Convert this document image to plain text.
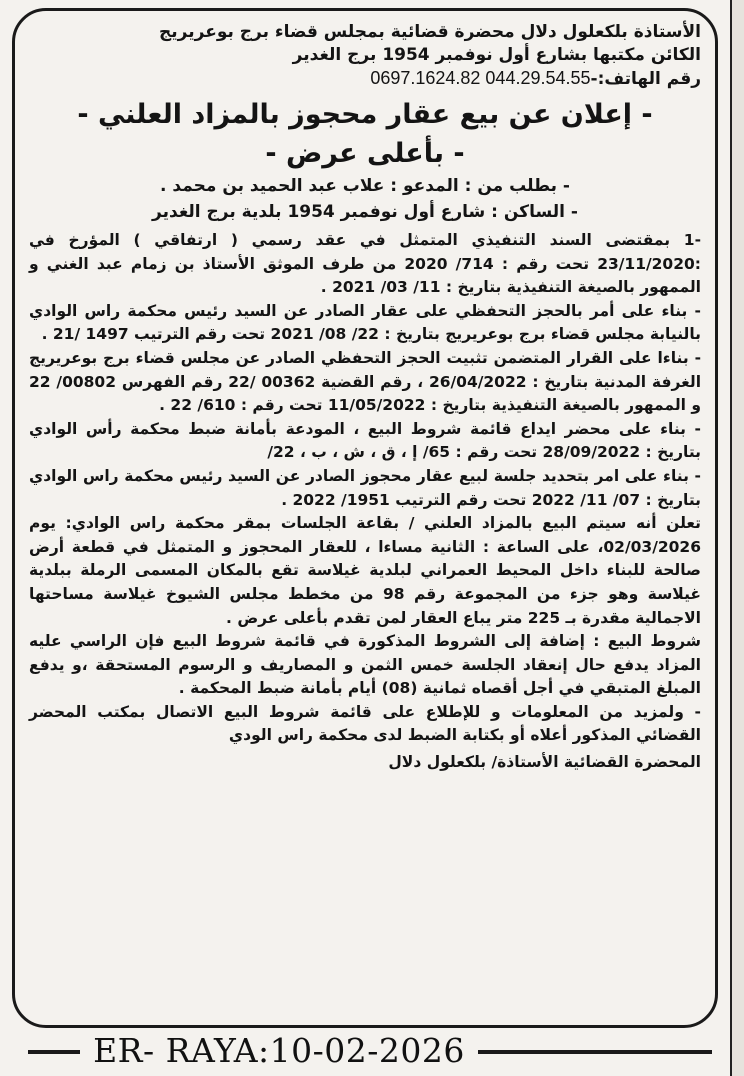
الأستاذة بلكعلول دلال محضرة قضائية بمجلس قضاء برج بوعريريج
الكائن مكتبها بشارع أول نوفمبر 1954 برج الغدير
رقم الهاتف:-0697.1624.82 044.29.54.55
- إعلان عن بيع عقار محجوز بالمزاد العلني -
- بأعلى عرض -
- بطلب من : المدعو : علاب عبد الحميد بن محمد .
- الساكن : شارع أول نوفمبر 1954 بلدية برج الغدير

-1 بمقتضى السند التنفيذي المتمثل في عقد رسمي ( ارتفاقي ) المؤرخ في :23/11/2020 تحت رقم : 714/ 2020 من طرف الموثق الأستاذ بن زمام عبد الغني و الممهور بالصيغة التنفيذية بتاريخ : 11/ 03/ 2021 .

- بناء على أمر بالحجز التحفظي على عقار الصادر عن السيد رئيس محكمة راس الوادي بالنيابة مجلس قضاء برج بوعريريج بتاريخ : 22/ 08/ 2021 تحت رقم الترتيب 1497 /21 .

- بناءا على القرار المتضمن تثبيت الحجز التحفظي الصادر عن مجلس قضاء برج بوعريريج الغرفة المدنية بتاريخ : 26/04/2022 ، رقم القضية 00362 /22 رقم الفهرس 00802/ 22 و الممهور بالصيغة التنفيذية بتاريخ : 11/05/2022 تحت رقم : 610/ 22 .

- بناء على محضر ايداع قائمة شروط البيع ، المودعة بأمانة ضبط محكمة رأس الوادي بتاريخ : 28/09/2022 تحت رقم : 65/ إ ، ق ، ش ، ب ، 22/

- بناء على امر بتحديد جلسة لبيع عقار محجوز الصادر عن السيد رئيس محكمة راس الوادي بتاريخ : 07/ 11/ 2022 تحت رقم الترتيب 1951/ 2022 .

تعلن أنه سيتم البيع بالمزاد العلني / بقاعة الجلسات بمقر محكمة راس الوادي: يوم 02/03/2026، على الساعة : الثانية مساءا ، للعقار المحجوز و المتمثل في قطعة أرض صالحة للبناء داخل المحيط العمراني لبلدية غيلاسة تقع بالمكان المسمى الرملة ببلدية غيلاسة وهو جزء من المجموعة رقم 98 من مخطط مجلس الشيوخ غيلاسة مساحتها الاجمالية مقدرة بـ 225 متر يباع العقار لمن تقدم بأعلى عرض .

شروط البيع : إضافة إلى الشروط المذكورة في قائمة شروط البيع فإن الراسي عليه المزاد يدفع حال إنعقاد الجلسة خمس الثمن و المصاريف و الرسوم المستحقة ،و يدفع المبلغ المتبقي في أجل أقصاه ثمانية (08) أيام بأمانة ضبط المحكمة .

- ولمزيد من المعلومات و للإطلاع على قائمة شروط البيع الاتصال بمكتب المحضر القضائي المذكور أعلاه أو بكتابة الضبط لدى محكمة راس الودي

المحضرة القضائية الأستاذة/ بلكعلول دلال
ER- RAYA:10-02-2026
